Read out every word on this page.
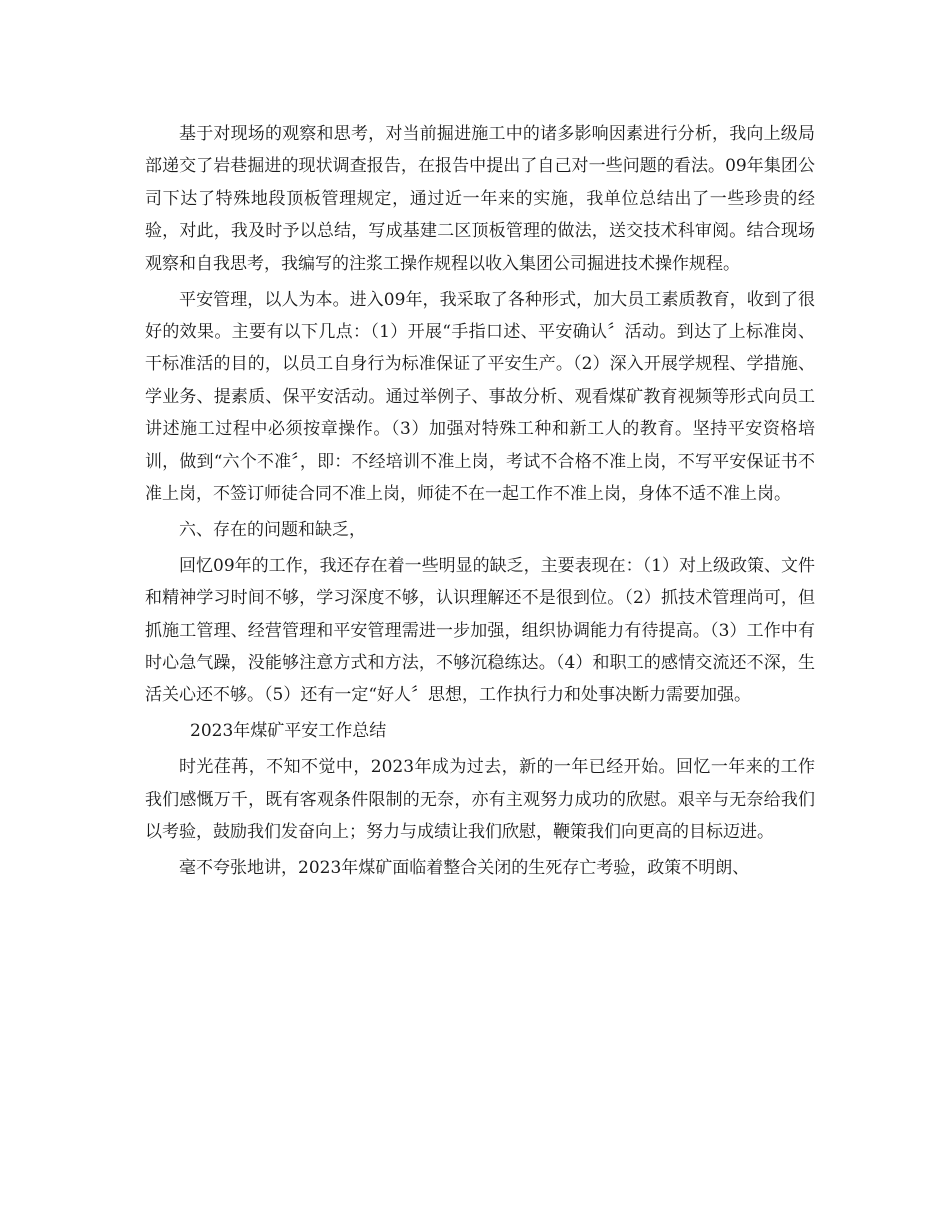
基于对现场的观察和思考，对当前掘进施工中的诸多影响因素进行分析，我向上级局部递交了岩巷掘进的现状调查报告，在报告中提出了自己对一些问题的看法。09年集团公司下达了特殊地段顶板管理规定，通过近一年来的实施，我单位总结出了一些珍贵的经验，对此，我及时予以总结，写成基建二区顶板管理的做法，送交技术科审阅。结合现场观察和自我思考，我编写的注浆工操作规程以收入集团公司掘进技术操作规程。

平安管理，以人为本。进入09年，我采取了各种形式，加大员工素质教育，收到了很好的效果。主要有以下几点：（1）开展“手指口述、平安确认〞活动。到达了上标准岗、干标准活的目的，以员工自身行为标准保证了平安生产。（2）深入开展学规程、学措施、学业务、提素质、保平安活动。通过举例子、事故分析、观看煤矿教育视频等形式向员工讲述施工过程中必须按章操作。（3）加强对特殊工种和新工人的教育。坚持平安资格培训，做到“六个不准〞，即：不经培训不准上岗，考试不合格不准上岗，不写平安保证书不准上岗，不签订师徒合同不准上岗，师徒不在一起工作不准上岗，身体不适不准上岗。

六、存在的问题和缺乏，

回忆09年的工作，我还存在着一些明显的缺乏，主要表现在：（1）对上级政策、文件和精神学习时间不够，学习深度不够，认识理解还不是很到位。（2）抓技术管理尚可，但抓施工管理、经营管理和平安管理需进一步加强，组织协调能力有待提高。（3）工作中有时心急气躁，没能够注意方式和方法，不够沉稳练达。（4）和职工的感情交流还不深，生活关心还不够。（5）还有一定“好人〞思想，工作执行力和处事决断力需要加强。

2023年煤矿平安工作总结

时光荏苒，不知不觉中，2023年成为过去，新的一年已经开始。回忆一年来的工作我们感慨万千，既有客观条件限制的无奈，亦有主观努力成功的欣慰。艰辛与无奈给我们以考验，鼓励我们发奋向上；努力与成绩让我们欣慰，鞭策我们向更高的目标迈进。

毫不夸张地讲，2023年煤矿面临着整合关闭的生死存亡考验，政策不明朗、
